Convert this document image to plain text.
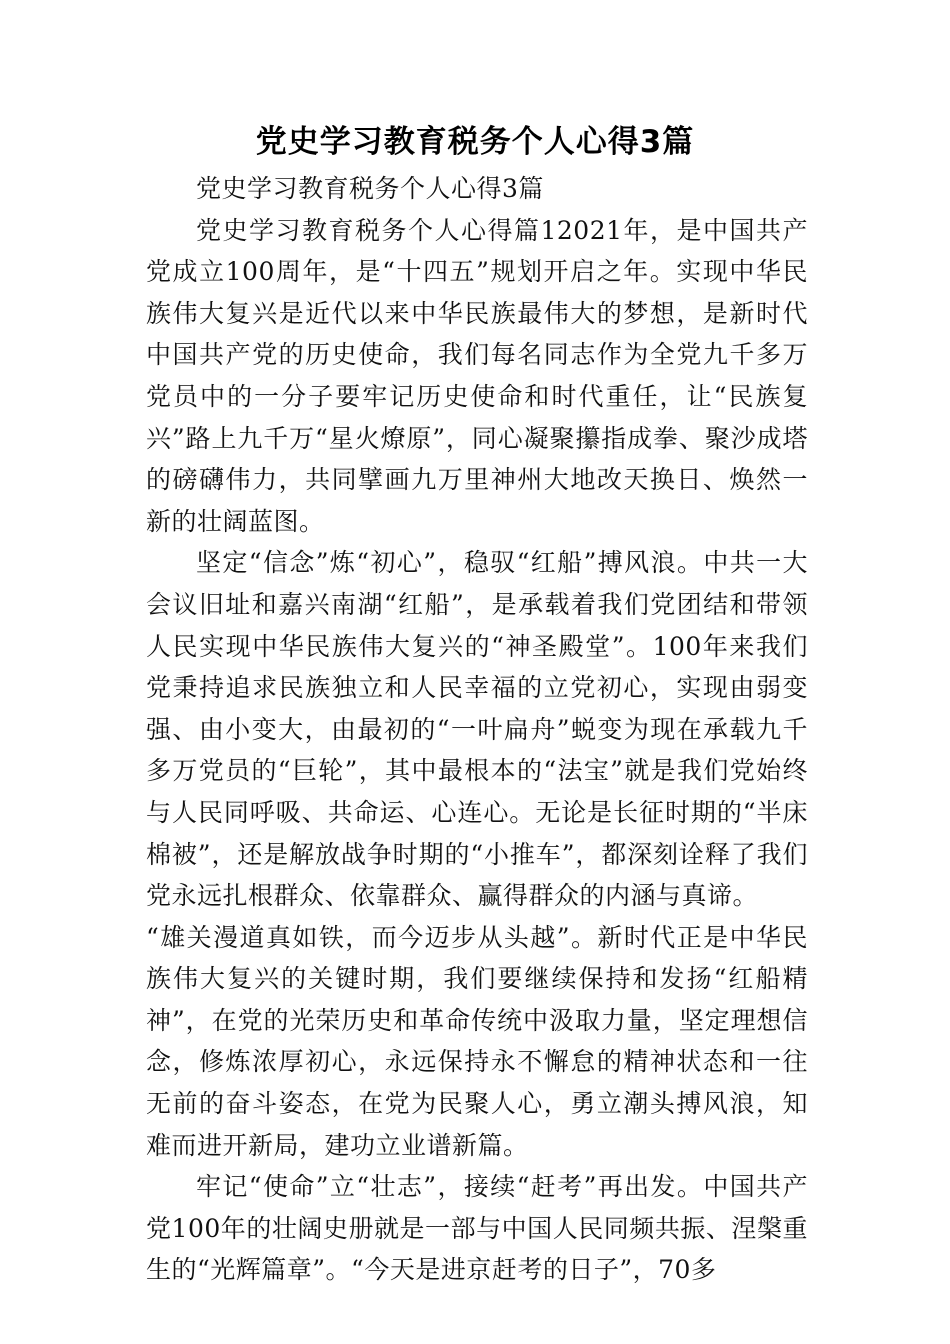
党史学习教育税务个人心得3篇

党史学习教育税务个人心得3篇

党史学习教育税务个人心得篇12021年，是中国共产党成立100周年，是“十四五”规划开启之年。实现中华民族伟大复兴是近代以来中华民族最伟大的梦想，是新时代中国共产党的历史使命，我们每名同志作为全党九千多万党员中的一分子要牢记历史使命和时代重任，让“民族复兴”路上九千万“星火燎原”，同心凝聚攥指成拳、聚沙成塔的磅礴伟力，共同擘画九万里神州大地改天换日、焕然一新的壮阔蓝图。

坚定“信念”炼“初心”，稳驭“红船”搏风浪。中共一大会议旧址和嘉兴南湖“红船”，是承载着我们党团结和带领人民实现中华民族伟大复兴的“神圣殿堂”。100年来我们党秉持追求民族独立和人民幸福的立党初心，实现由弱变强、由小变大，由最初的“一叶扁舟”蜕变为现在承载九千多万党员的“巨轮”，其中最根本的“法宝”就是我们党始终与人民同呼吸、共命运、心连心。无论是长征时期的“半床棉被”，还是解放战争时期的“小推车”，都深刻诠释了我们党永远扎根群众、依靠群众、赢得群众的内涵与真谛。

“雄关漫道真如铁，而今迈步从头越”。新时代正是中华民族伟大复兴的关键时期，我们要继续保持和发扬“红船精神”，在党的光荣历史和革命传统中汲取力量，坚定理想信念，修炼浓厚初心，永远保持永不懈怠的精神状态和一往无前的奋斗姿态，在党为民聚人心，勇立潮头搏风浪，知难而进开新局，建功立业谱新篇。

牢记“使命”立“壮志”，接续“赶考”再出发。中国共产党100年的壮阔史册就是一部与中国人民同频共振、涅槃重生的“光辉篇章”。“今天是进京赶考的日子”，70多
